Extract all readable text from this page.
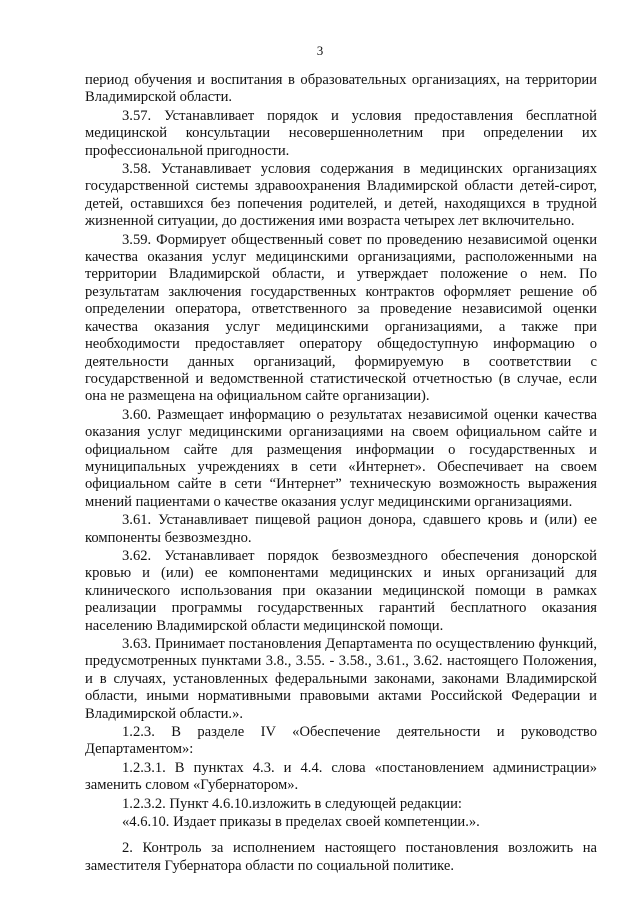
3

период обучения и воспитания в образовательных организациях, на территории Владимирской области.

3.57. Устанавливает порядок и условия предоставления бесплатной медицинской консультации несовершеннолетним при определении их профессиональной пригодности.

3.58. Устанавливает условия содержания в медицинских организациях государственной системы здравоохранения Владимирской области детей-сирот, детей, оставшихся без попечения родителей, и детей, находящихся в трудной жизненной ситуации, до достижения ими возраста четырех лет включительно.

3.59. Формирует общественный совет по проведению независимой оценки качества оказания услуг медицинскими организациями, расположенными на территории Владимирской области, и утверждает положение о нем. По результатам заключения государственных контрактов оформляет решение об определении оператора, ответственного за проведение независимой оценки качества оказания услуг медицинскими организациями, а также при необходимости предоставляет оператору общедоступную информацию о деятельности данных организаций, формируемую в соответствии с государственной и ведомственной статистической отчетностью (в случае, если она не размещена на официальном сайте организации).

3.60. Размещает информацию о результатах независимой оценки качества оказания услуг медицинскими организациями на своем официальном сайте и официальном сайте для размещения информации о государственных и муниципальных учреждениях в сети «Интернет». Обеспечивает на своем официальном сайте в сети “Интернет” техническую возможность выражения мнений пациентами о качестве оказания услуг медицинскими организациями.

3.61. Устанавливает пищевой рацион донора, сдавшего кровь и (или) ее компоненты безвозмездно.

3.62. Устанавливает порядок безвозмездного обеспечения донорской кровью и (или) ее компонентами медицинских и иных организаций для клинического использования при оказании медицинской помощи в рамках реализации программы государственных гарантий бесплатного оказания населению Владимирской области медицинской помощи.

3.63. Принимает постановления Департамента по осуществлению функций, предусмотренных пунктами 3.8., 3.55. - 3.58., 3.61., 3.62. настоящего Положения, и в случаях, установленных федеральными законами, законами Владимирской области, иными нормативными правовыми актами Российской Федерации и Владимирской области.».

1.2.3. В разделе IV «Обеспечение деятельности и руководство Департаментом»:

1.2.3.1. В пунктах 4.3. и 4.4. слова «постановлением администрации» заменить словом «Губернатором».

1.2.3.2. Пункт 4.6.10.изложить в следующей редакции:

«4.6.10. Издает приказы в пределах своей компетенции.».

2. Контроль за исполнением настоящего постановления возложить на заместителя Губернатора области по социальной политике.
